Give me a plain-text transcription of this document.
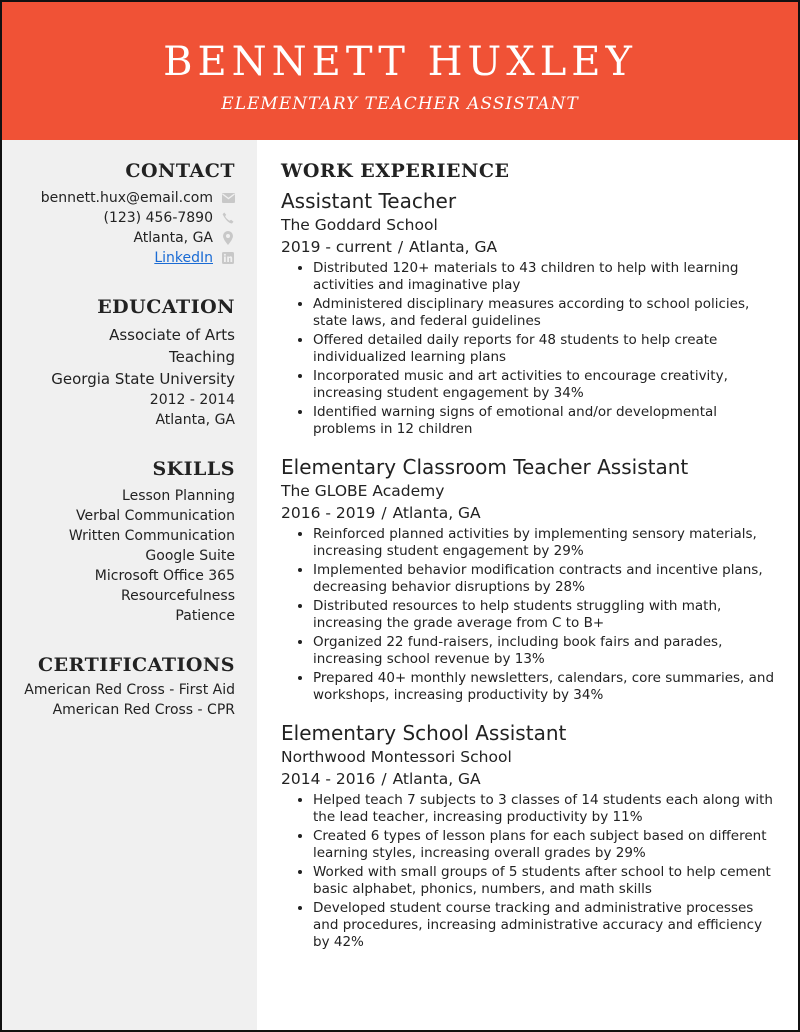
BENNETT HUXLEY
ELEMENTARY TEACHER ASSISTANT
CONTACT
bennett.hux@email.com
(123) 456-7890
Atlanta, GA
LinkedIn
EDUCATION
Associate of Arts
Teaching
Georgia State University
2012 - 2014
Atlanta, GA
SKILLS
Lesson Planning
Verbal Communication
Written Communication
Google Suite
Microsoft Office 365
Resourcefulness
Patience
CERTIFICATIONS
American Red Cross - First Aid
American Red Cross - CPR
WORK EXPERIENCE
Assistant Teacher
The Goddard School
2019 - current / Atlanta, GA
• Distributed 120+ materials to 43 children to help with learning activities and imaginative play
• Administered disciplinary measures according to school policies, state laws, and federal guidelines
• Offered detailed daily reports for 48 students to help create individualized learning plans
• Incorporated music and art activities to encourage creativity, increasing student engagement by 34%
• Identified warning signs of emotional and/or developmental problems in 12 children
Elementary Classroom Teacher Assistant
The GLOBE Academy
2016 - 2019 / Atlanta, GA
• Reinforced planned activities by implementing sensory materials, increasing student engagement by 29%
• Implemented behavior modification contracts and incentive plans, decreasing behavior disruptions by 28%
• Distributed resources to help students struggling with math, increasing the grade average from C to B+
• Organized 22 fund-raisers, including book fairs and parades, increasing school revenue by 13%
• Prepared 40+ monthly newsletters, calendars, core summaries, and workshops, increasing productivity by 34%
Elementary School Assistant
Northwood Montessori School
2014 - 2016 / Atlanta, GA
• Helped teach 7 subjects to 3 classes of 14 students each along with the lead teacher, increasing productivity by 11%
• Created 6 types of lesson plans for each subject based on different learning styles, increasing overall grades by 29%
• Worked with small groups of 5 students after school to help cement basic alphabet, phonics, numbers, and math skills
• Developed student course tracking and administrative processes and procedures, increasing administrative accuracy and efficiency by 42%
